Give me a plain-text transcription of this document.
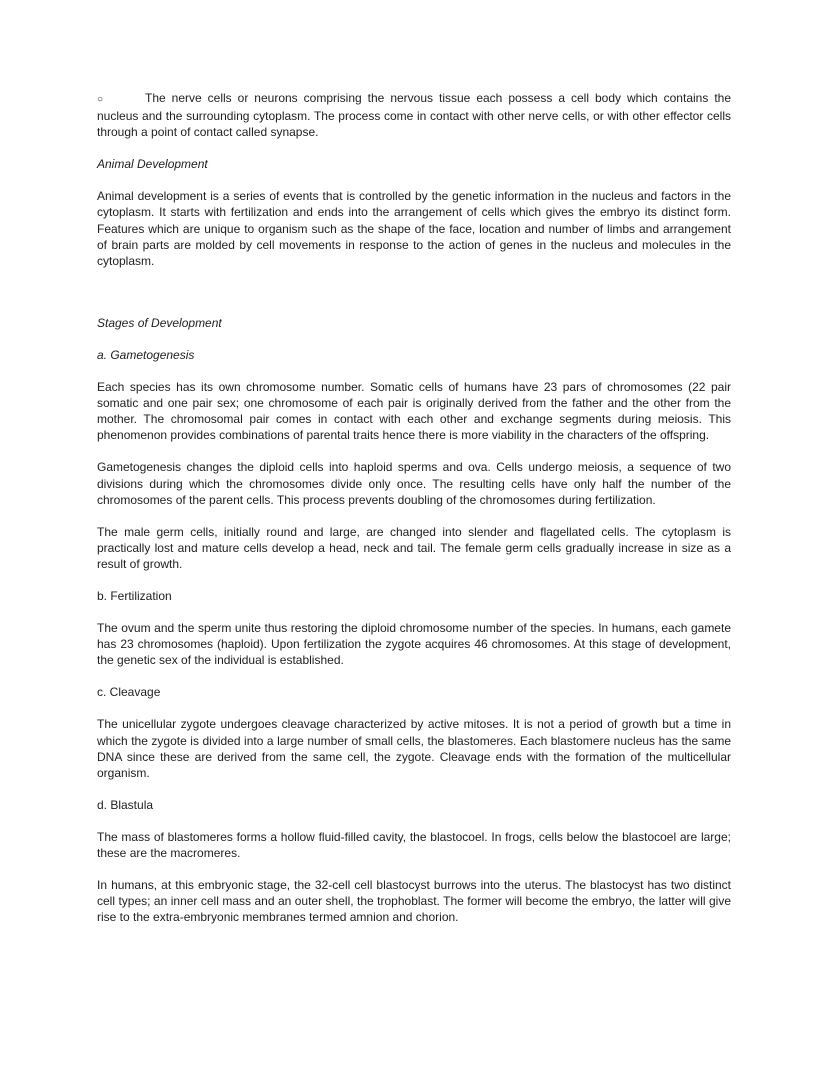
○	The nerve cells or neurons comprising the nervous tissue each possess a cell body which contains the nucleus and the surrounding cytoplasm. The process come in contact with other nerve cells, or with other effector cells through a point of contact called synapse.

Animal Development

Animal development is a series of events that is controlled by the genetic information in the nucleus and factors in the cytoplasm. It starts with fertilization and ends into the arrangement of cells which gives the embryo its distinct form. Features which are unique to organism such as the shape of the face, location and number of limbs and arrangement of brain parts are molded by cell movements in response to the action of genes in the nucleus and molecules in the cytoplasm.

Stages of Development

a. Gametogenesis

Each species has its own chromosome number. Somatic cells of humans have 23 pars of chromosomes (22 pair somatic and one pair sex; one chromosome of each pair is originally derived from the father and the other from the mother. The chromosomal pair comes in contact with each other and exchange segments during meiosis. This phenomenon provides combinations of parental traits hence there is more viability in the characters of the offspring.

Gametogenesis changes the diploid cells into haploid sperms and ova. Cells undergo meiosis, a sequence of two divisions during which the chromosomes divide only once. The resulting cells have only half the number of the chromosomes of the parent cells. This process prevents doubling of the chromosomes during fertilization.

The male germ cells, initially round and large, are changed into slender and flagellated cells. The cytoplasm is practically lost and mature cells develop a head, neck and tail. The female germ cells gradually increase in size as a result of growth.

b. Fertilization

The ovum and the sperm unite thus restoring the diploid chromosome number of the species. In humans, each gamete has 23 chromosomes (haploid). Upon fertilization the zygote acquires 46 chromosomes. At this stage of development, the genetic sex of the individual is established.

c. Cleavage

The unicellular zygote undergoes cleavage characterized by active mitoses. It is not a period of growth but a time in which the zygote is divided into a large number of small cells, the blastomeres. Each blastomere nucleus has the same DNA since these are derived from the same cell, the zygote. Cleavage ends with the formation of the multicellular organism.

d. Blastula

The mass of blastomeres forms a hollow fluid-filled cavity, the blastocoel. In frogs, cells below the blastocoel are large; these are the macromeres.

In humans, at this embryonic stage, the 32-cell cell blastocyst burrows into the uterus. The blastocyst has two distinct cell types; an inner cell mass and an outer shell, the trophoblast. The former will become the embryo, the latter will give rise to the extra-embryonic membranes termed amnion and chorion.
